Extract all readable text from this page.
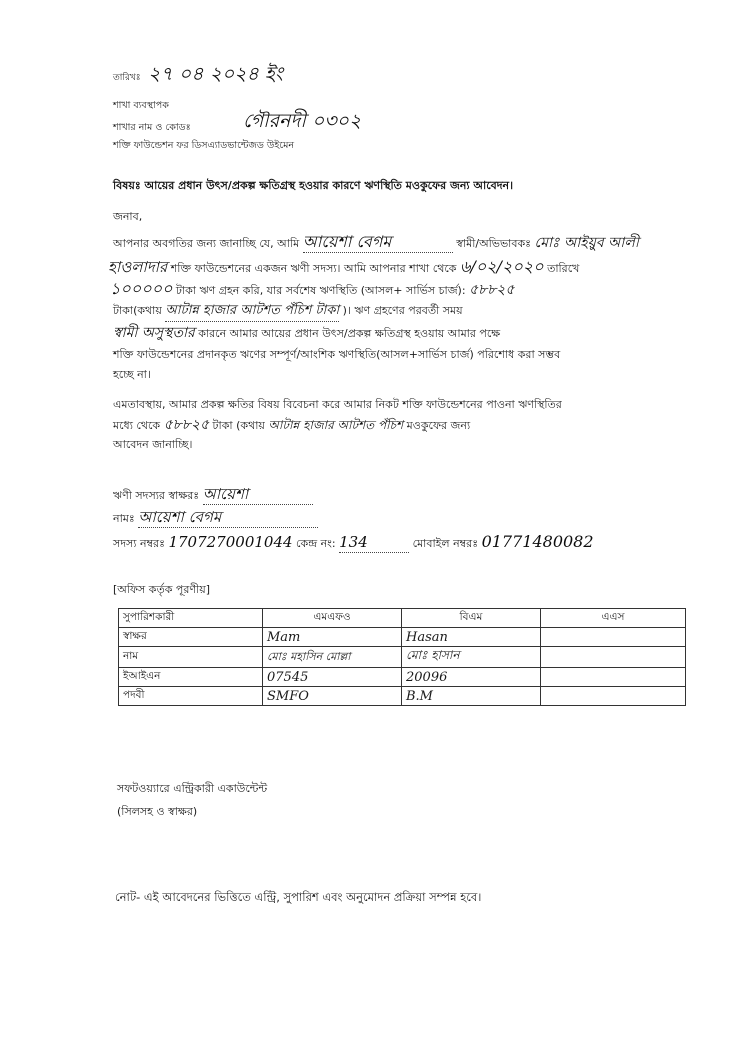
তারিখঃ ২৭ ০৪ ২০২৪ ইং
শাখা ব্যবস্থাপক
শাখার নাম ও কোডঃ	গৌরনদী ০৩০২
শক্তি ফাউন্ডেশন ফর ডিসএ্যাডভান্টেজড উইমেন
বিষয়ঃ আয়ের প্রধান উৎস/প্রকল্প ক্ষতিগ্রস্থ হওয়ার কারণে ঋণস্থিতি মওকুফের জন্য আবেদন।
জনাব,
আপনার অবগতির জন্য জানাচ্ছি যে, আমি আয়েশা বেগম	স্বামী/অভিভাবকঃ মোঃ আইয়ুব আলী
হাওলাদার শক্তি ফাউন্ডেশনের একজন ঋণী সদস্য। আমি আপনার শাখা থেকে ৬/০২/২০২০ তারিখে
১০০০০০ টাকা ঋণ গ্রহন করি, যার সর্বশেষ ঋণস্থিতি (আসল+ সার্ভিস চার্জ): ৫৮৮২৫
টাকা(কথায় আটান্ন হাজার আটশত পঁচিশ টাকা )। ঋণ গ্রহণের পরবর্তী সময়
স্বামী অসুস্থতার কারনে আমার আয়ের প্রধান উৎস/প্রকল্প ক্ষতিগ্রস্থ হওয়ায় আমার পক্ষে
শক্তি ফাউন্ডেশনের প্রদানকৃত ঋণের সম্পূর্ণ/আংশিক ঋণস্থিতি(আসল+সার্ভিস চার্জ) পরিশোধ করা সম্ভব
হচ্ছে না।
এমতাবস্থায়, আমার প্রকল্প ক্ষতির বিষয় বিবেচনা করে আমার নিকট শক্তি ফাউন্ডেশনের পাওনা ঋণস্থিতির
মধ্যে থেকে ৫৮৮২৫ টাকা (কথায় আটান্ন হাজার আটশত পঁচিশ মওকুফের জন্য
আবেদন জানাচ্ছি।
ঋণী সদস্যর স্বাক্ষরঃ আয়েশা
নামঃ আয়েশা বেগম
সদস্য নম্বরঃ 1707270001044 কেন্দ্র নং: 134	মোবাইল নম্বরঃ 01771480082
[অফিস কর্তৃক পূরণীয়]
সুপারিশকারী	এমএফও	বিএম	এএস
স্বাক্ষর	Mam	Hasan	
নাম	মোঃ মহাসিন মোল্লা	মোঃ হাসান	
ইআইএন	07545	20096	
পদবী	SMFO	B.M	
সফটওয়্যারে এন্ট্রিকারী একাউন্টেন্ট
(সিলসহ ও স্বাক্ষর)
নোট- এই আবেদনের ভিত্তিতে এন্ট্রি, সুপারিশ এবং অনুমোদন প্রক্রিয়া সম্পন্ন হবে।
